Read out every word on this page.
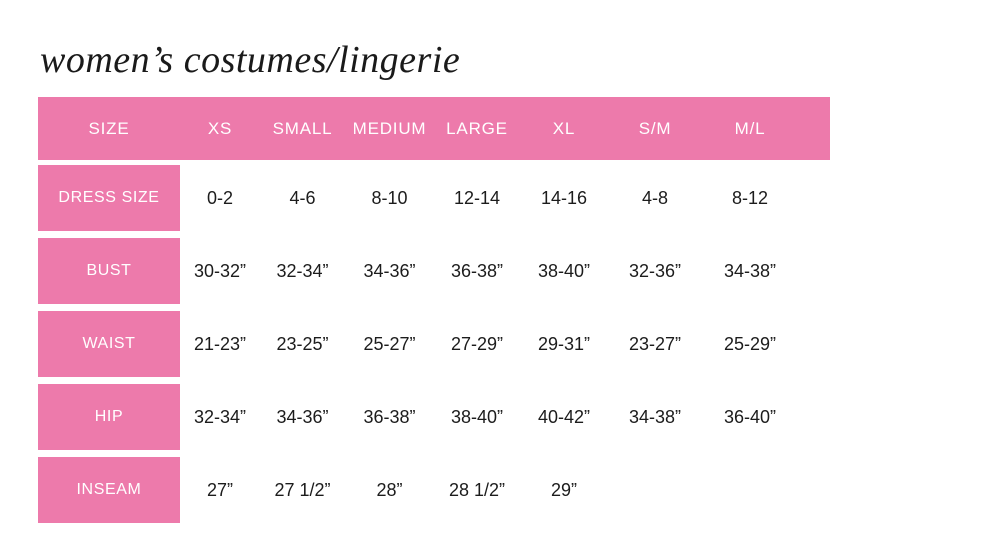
women’s costumes/lingerie
SIZE	XS	SMALL	MEDIUM	LARGE	XL	S/M	M/L
DRESS SIZE	0-2	4-6	8-10	12-14	14-16	4-8	8-12
BUST	30-32”	32-34”	34-36”	36-38”	38-40”	32-36”	34-38”
WAIST	21-23”	23-25”	25-27”	27-29”	29-31”	23-27”	25-29”
HIP	32-34”	34-36”	36-38”	38-40”	40-42”	34-38”	36-40”
INSEAM	27”	27 1/2”	28”	28 1/2”	29”
